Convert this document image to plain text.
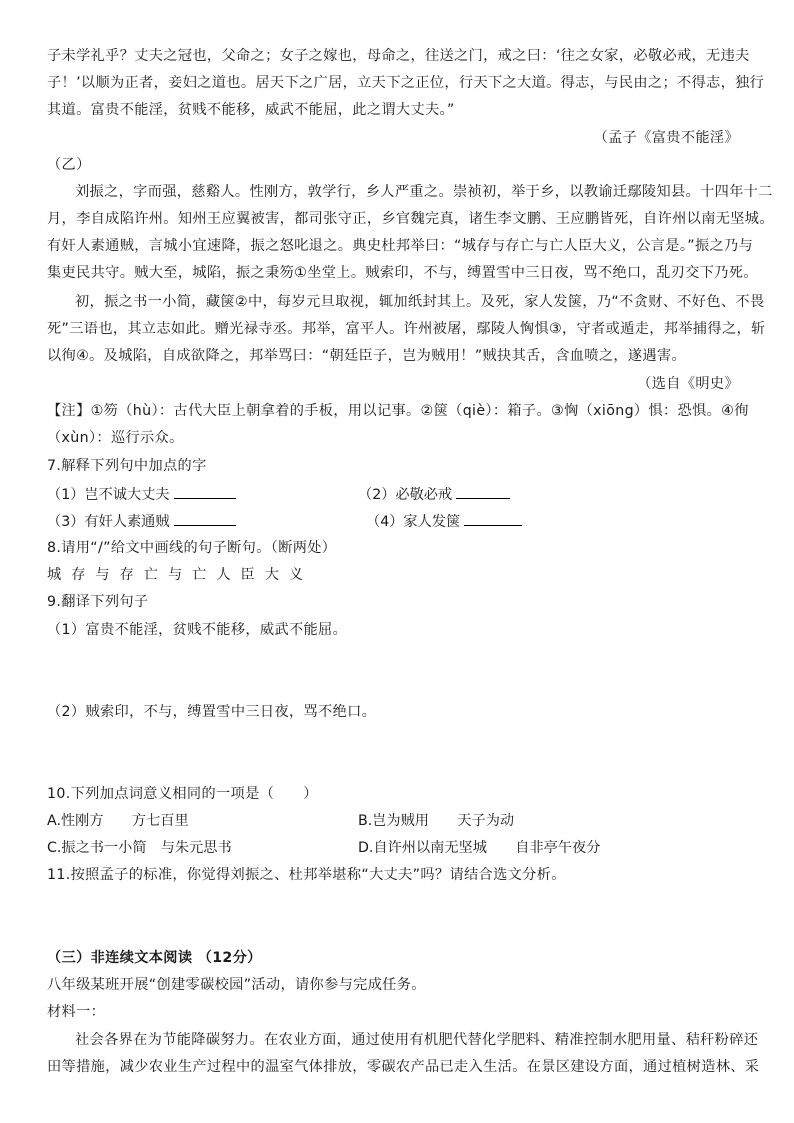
子未学礼乎？丈夫之冠也，父命之；女子之嫁也，母命之，往送之门，戒之曰：‘往之女家，必敬必戒，无违夫
子！’以顺为正者，妾妇之道也。居天下之广居，立天下之正位，行天下之大道。得志，与民由之；不得志，独行
其道。富贵不能淫，贫贱不能移，威武不能屈，此之谓大丈夫。”
（孟子《富贵不能淫》
（乙）
刘振之，字而强，慈谿人。性刚方，敦学行，乡人严重之。崇祯初，举于乡，以教谕迁鄢陵知县。十四年十二
月，李自成陷许州。知州王应翼被害，都司张守正，乡官魏完真，诸生李文鹏、王应鹏皆死，自许州以南无坚城。
有奸人素通贼，言城小宜速降，振之怒叱退之。典史杜邦举曰：“城存与存亡与亡人臣大义，公言是。”振之乃与
集吏民共守。贼大至，城陷，振之秉笏①坐堂上。贼索印，不与，缚置雪中三日夜，骂不绝口，乱刃交下乃死。
初，振之书一小简，藏箧②中，每岁元旦取视，辄加纸封其上。及死，家人发箧，乃“不贪财、不好色、不畏
死”三语也，其立志如此。赠光禄寺丞。邦举，富平人。许州被屠，鄢陵人恟惧③，守者或遁走，邦举捕得之，斩
以徇④。及城陷，自成欲降之，邦举骂曰：“朝廷臣子，岂为贼用！”贼抉其舌，含血喷之，遂遇害。
（选自《明史》
【注】①笏（hù）：古代大臣上朝拿着的手板，用以记事。②箧（qiè）：箱子。③恟（xiōng）惧：恐惧。④徇
（xùn）：巡行示众。
7.解释下列句中加点的字
（1）岂不诚大丈夫	（2）必敬必戒
（3）有奸人素通贼	（4）家人发箧
8.请用“/”给文中画线的句子断句。（断两处）
城存与存亡与亡人臣大义
9.翻译下列句子
（1）富贵不能淫，贫贱不能移，威武不能屈。
（2）贼索印，不与，缚置雪中三日夜，骂不绝口。
10.下列加点词意义相同的一项是（　　）
A.性刚方　　方七百里	B.岂为贼用　　天子为动
C.振之书一小简　与朱元思书	D.自许州以南无坚城　　自非亭午夜分
11.按照孟子的标准，你觉得刘振之、杜邦举堪称“大丈夫”吗？请结合选文分析。
（三）非连续文本阅读 （12分）
八年级某班开展“创建零碳校园”活动，请你参与完成任务。
材料一：
社会各界在为节能降碳努力。在农业方面，通过使用有机肥代替化学肥料、精准控制水肥用量、秸秆粉碎还
田等措施，减少农业生产过程中的温室气体排放，零碳农产品已走入生活。在景区建设方面，通过植树造林、采
